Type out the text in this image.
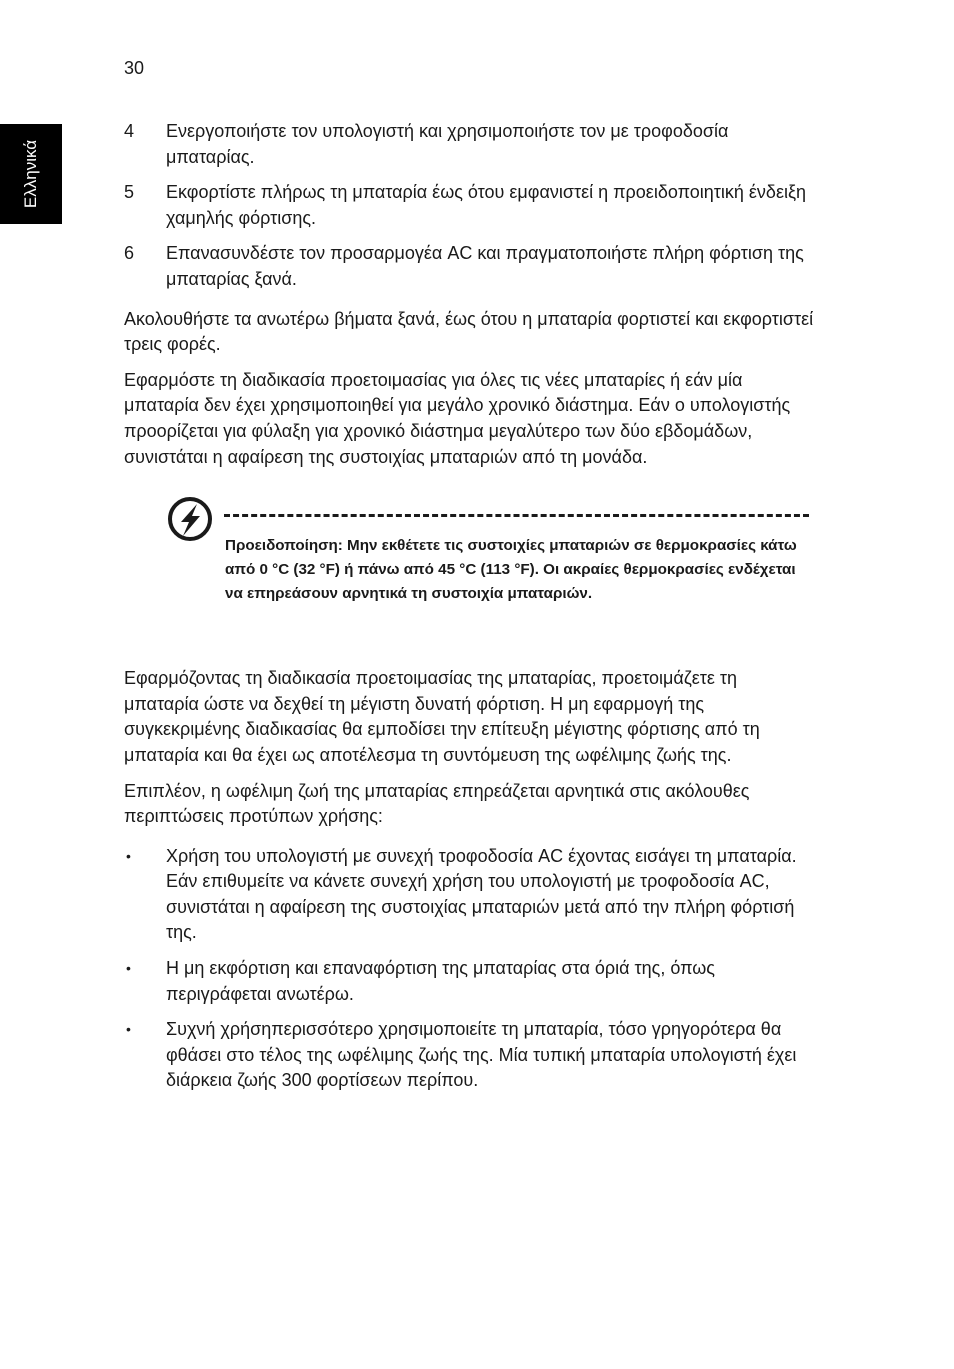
30
Ελληνικά
4 Ενεργοποιήστε τον υπολογιστή και χρησιμοποιήστε τον με τροφοδοσία μπαταρίας.
5 Εκφορτίστε πλήρως τη μπαταρία έως ότου εμφανιστεί η προειδοποιητική ένδειξη χαμηλής φόρτισης.
6 Επανασυνδέστε τον προσαρμογέα AC και πραγματοποιήστε πλήρη φόρτιση της μπαταρίας ξανά.

Ακολουθήστε τα ανωτέρω βήματα ξανά, έως ότου η μπαταρία φορτιστεί και εκφορτιστεί τρεις φορές.

Εφαρμόστε τη διαδικασία προετοιμασίας για όλες τις νέες μπαταρίες ή εάν μία μπαταρία δεν έχει χρησιμοποιηθεί για μεγάλο χρονικό διάστημα. Εάν ο υπολογιστής προορίζεται για φύλαξη για χρονικό διάστημα μεγαλύτερο των δύο εβδομάδων, συνιστάται η αφαίρεση της συστοιχίας μπαταριών από τη μονάδα.

Προειδοποίηση: Μην εκθέτετε τις συστοιχίες μπαταριών σε θερμοκρασίες κάτω από 0 °C (32 °F) ή πάνω από 45 °C (113 °F). Οι ακραίες θερμοκρασίες ενδέχεται να επηρεάσουν αρνητικά τη συστοιχία μπαταριών.

Εφαρμόζοντας τη διαδικασία προετοιμασίας της μπαταρίας, προετοιμάζετε τη μπαταρία ώστε να δεχθεί τη μέγιστη δυνατή φόρτιση. Η μη εφαρμογή της συγκεκριμένης διαδικασίας θα εμποδίσει την επίτευξη μέγιστης φόρτισης από τη μπαταρία και θα έχει ως αποτέλεσμα τη συντόμευση της ωφέλιμης ζωής της.

Επιπλέον, η ωφέλιμη ζωή της μπαταρίας επηρεάζεται αρνητικά στις ακόλουθες περιπτώσεις προτύπων χρήσης:

• Χρήση του υπολογιστή με συνεχή τροφοδοσία AC έχοντας εισάγει τη μπαταρία. Εάν επιθυμείτε να κάνετε συνεχή χρήση του υπολογιστή με τροφοδοσία AC, συνιστάται η αφαίρεση της συστοιχίας μπαταριών μετά από την πλήρη φόρτισή της.
• Η μη εκφόρτιση και επαναφόρτιση της μπαταρίας στα όριά της, όπως περιγράφεται ανωτέρω.
• Συχνή χρήσηπερισσότερο χρησιμοποιείτε τη μπαταρία, τόσο γρηγορότερα θα φθάσει στο τέλος της ωφέλιμης ζωής της. Μία τυπική μπαταρία υπολογιστή έχει διάρκεια ζωής 300 φορτίσεων περίπου.
